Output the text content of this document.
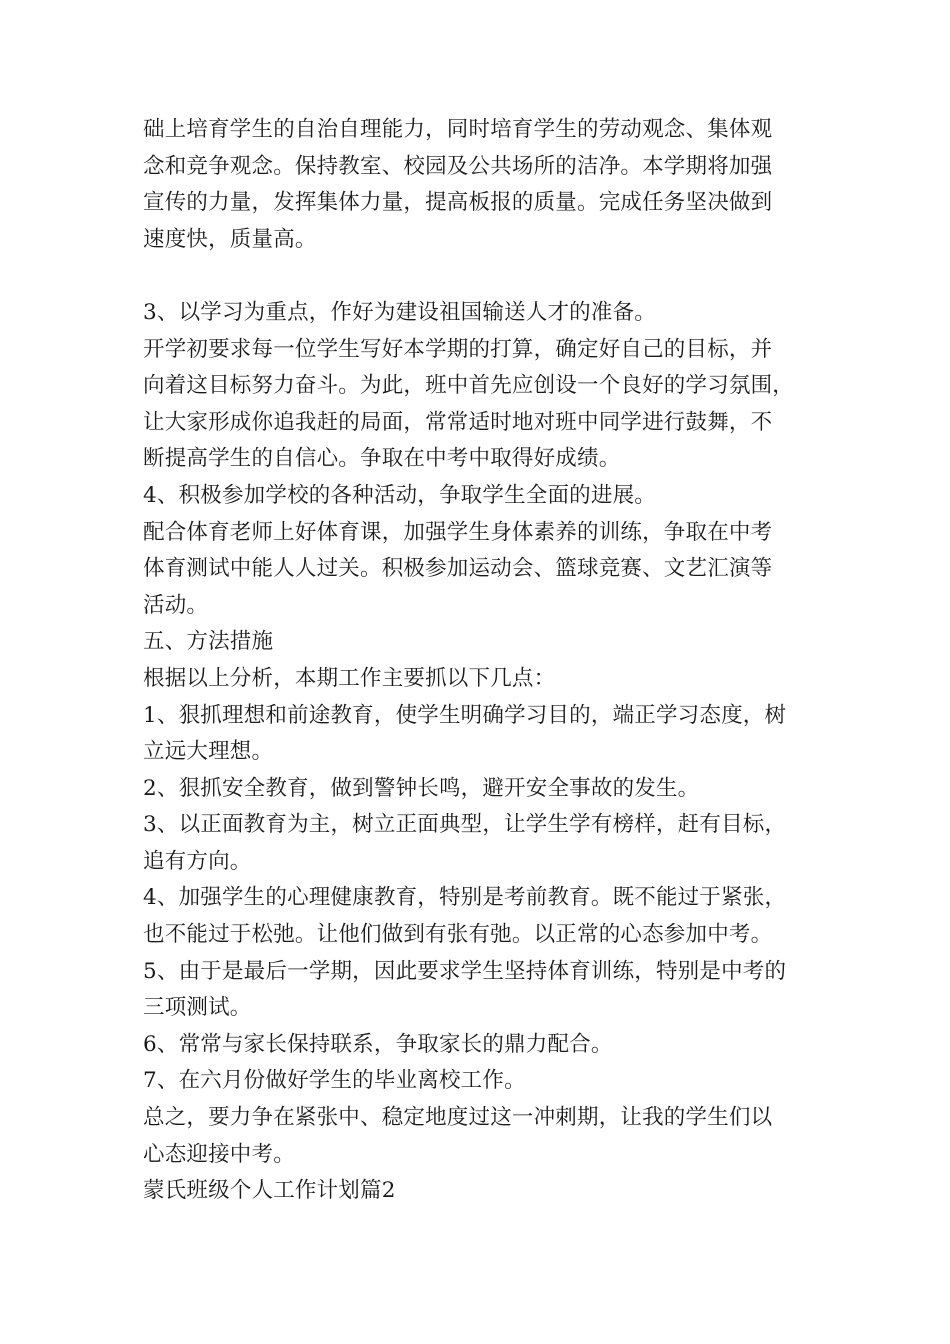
础上培育学生的自治自理能力，同时培育学生的劳动观念、集体观
念和竞争观念。保持教室、校园及公共场所的洁净。本学期将加强
宣传的力量，发挥集体力量，提高板报的质量。完成任务坚决做到
速度快，质量高。
3、以学习为重点，作好为建设祖国输送人才的准备。
开学初要求每一位学生写好本学期的打算，确定好自己的目标，并
向着这目标努力奋斗。为此，班中首先应创设一个良好的学习氛围，
让大家形成你追我赶的局面，常常适时地对班中同学进行鼓舞，不
断提高学生的自信心。争取在中考中取得好成绩。
4、积极参加学校的各种活动，争取学生全面的进展。
配合体育老师上好体育课，加强学生身体素养的训练，争取在中考
体育测试中能人人过关。积极参加运动会、篮球竞赛、文艺汇演等
活动。
五、方法措施
根据以上分析，本期工作主要抓以下几点：
1、狠抓理想和前途教育，使学生明确学习目的，端正学习态度，树
立远大理想。
2、狠抓安全教育，做到警钟长鸣，避开安全事故的发生。
3、以正面教育为主，树立正面典型，让学生学有榜样，赶有目标，
追有方向。
4、加强学生的心理健康教育，特别是考前教育。既不能过于紧张，
也不能过于松弛。让他们做到有张有弛。以正常的心态参加中考。
5、由于是最后一学期，因此要求学生坚持体育训练，特别是中考的
三项测试。
6、常常与家长保持联系，争取家长的鼎力配合。
7、在六月份做好学生的毕业离校工作。
总之，要力争在紧张中、稳定地度过这一冲刺期，让我的学生们以
心态迎接中考。
蒙氏班级个人工作计划篇2
